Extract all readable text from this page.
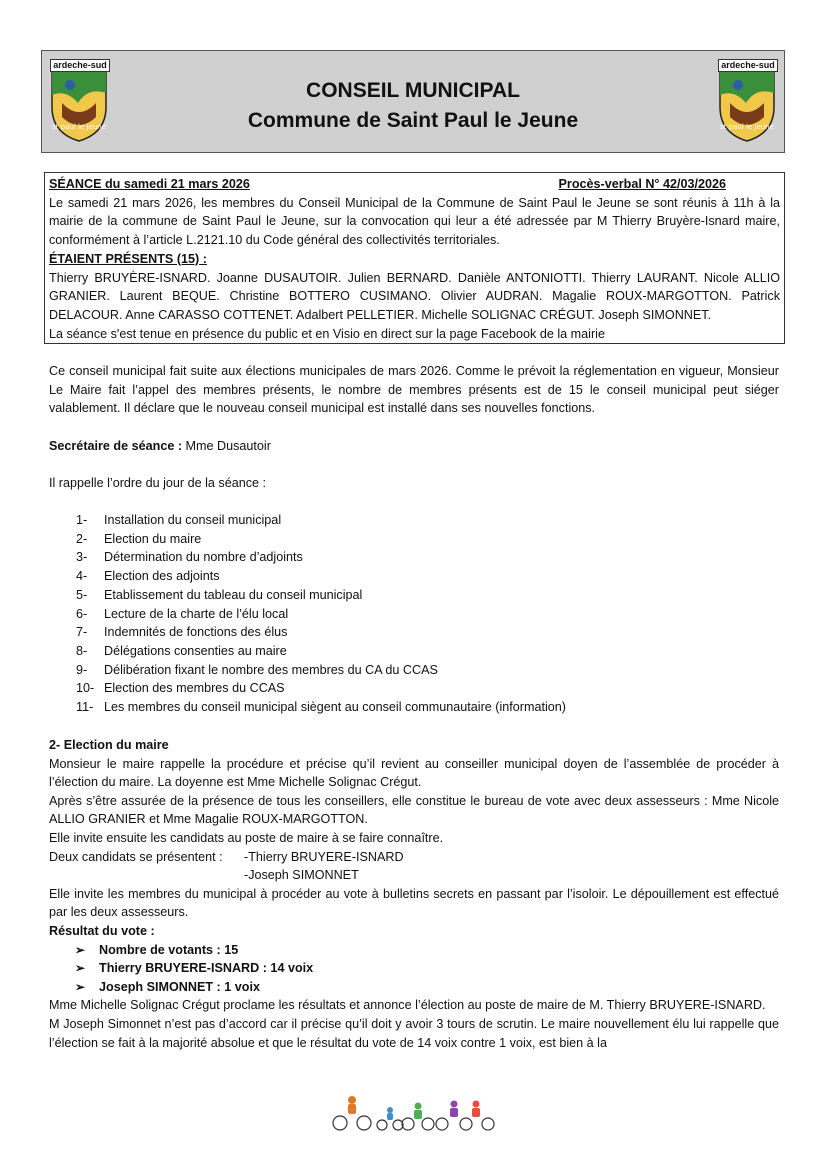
st paul le jeune
ardeche-sud
CONSEIL MUNICIPAL
Commune de Saint Paul le Jeune	st paul le jeune
ardeche-sud
SÉANCE du samedi 21 mars 2026	Procès-verbal N° 42/03/2026
Le samedi 21 mars 2026, les membres du Conseil Municipal de la Commune de Saint Paul le Jeune se sont réunis à 11h à la mairie de la commune de Saint Paul le Jeune, sur la convocation qui leur a été adressée par M Thierry Bruyère-Isnard maire, conformément à l’article L.2121.10 du Code général des collectivités territoriales.
ÉTAIENT PRÉSENTS (15) :
Thierry BRUYÈRE-ISNARD. Joanne DUSAUTOIR. Julien BERNARD. Danièle ANTONIOTTI. Thierry LAURANT. Nicole ALLIO GRANIER. Laurent BEQUE. Christine BOTTERO CUSIMANO. Olivier AUDRAN. Magalie ROUX-MARGOTTON. Patrick DELACOUR. Anne CARASSO COTTENET. Adalbert PELLETIER. Michelle SOLIGNAC CRÉGUT. Joseph SIMONNET.
La séance s'est tenue en présence du public et en Visio en direct sur la page Facebook de la mairie
Ce conseil municipal fait suite aux élections municipales de mars 2026. Comme le prévoit la réglementation en vigueur, Monsieur Le Maire fait l’appel des membres présents, le nombre de membres présents est de 15 le conseil municipal peut siéger valablement. Il déclare que le nouveau conseil municipal est installé dans ses nouvelles fonctions.
Secrétaire de séance : Mme Dusautoir
Il rappelle l’ordre du jour de la séance :
1-	Installation du conseil municipal
2-	Election du maire
3-	Détermination du nombre d’adjoints
4-	Election des adjoints
5-	Etablissement du tableau du conseil municipal
6-	Lecture de la charte de l’élu local
7-	Indemnités de fonctions des élus
8-	Délégations consenties au maire
9-	Délibération fixant le nombre des membres du CA du CCAS
10- Election des membres du CCAS
11- Les membres du conseil municipal siègent au conseil communautaire (information)
2- Election du maire
Monsieur le maire rappelle la procédure et précise qu’il revient au conseiller municipal doyen de l’assemblée de procéder à l’élection du maire. La doyenne est Mme Michelle Solignac Crégut.
Après s’être assurée de la présence de tous les conseillers, elle constitue le bureau de vote avec deux assesseurs : Mme Nicole ALLIO GRANIER et Mme Magalie ROUX-MARGOTTON.
Elle invite ensuite les candidats au poste de maire à se faire connaître.
Deux candidats se présentent :	-Thierry BRUYERE-ISNARD
-Joseph SIMONNET
Elle invite les membres du municipal à procéder au vote à bulletins secrets en passant par l’isoloir. Le dépouillement est effectué par les deux assesseurs.
Résultat du vote :
➢	Nombre de votants : 15
➢	Thierry BRUYERE-ISNARD : 14 voix
➢	Joseph SIMONNET : 1 voix
Mme Michelle Solignac Crégut proclame les résultats et annonce l’élection au poste de maire de M. Thierry BRUYERE-ISNARD.
M Joseph Simonnet n’est pas d’accord car il précise qu’il doit y avoir 3 tours de scrutin. Le maire nouvellement élu lui rappelle que l’élection se fait à la majorité absolue et que le résultat du vote de 14 voix contre 1 voix, est bien à la
